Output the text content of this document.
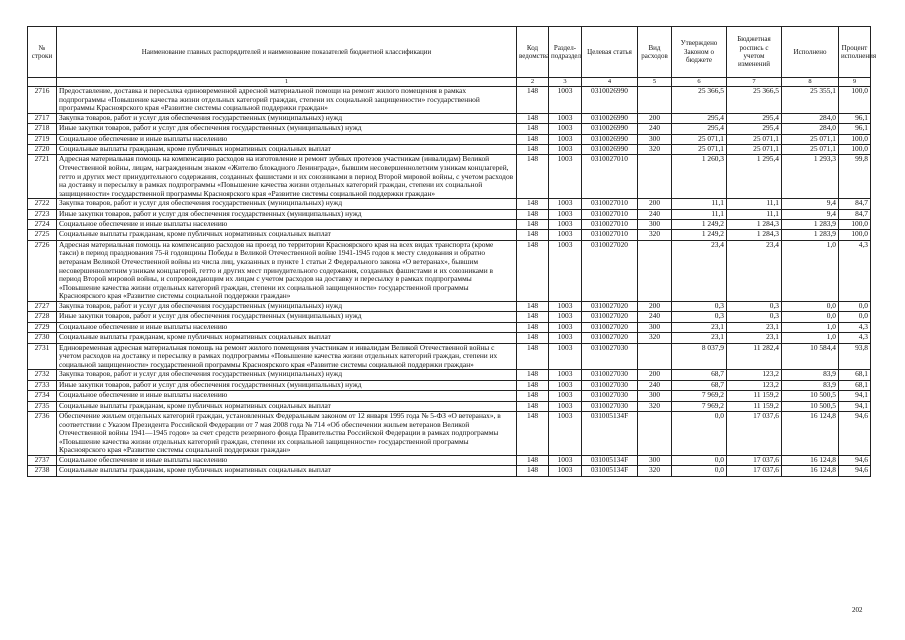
№ строки	Наименование главных распорядителей и наименование показателей бюджетной классификации	Код ведомства	Раздел-подраздел	Целевая статья	Вид расходов	Утверждено Законом о бюджете	Бюджетная роспись с учетом изменений	Исполнено	Процент исполнения
	1	2	3	4	5	6	7	8	9
2716	Предоставление, доставка и пересылка единовременной адресной материальной помощи на ремонт жилого помещения в рамках подпрограммы «Повышение качества жизни отдельных категорий граждан, степени их социальной защищенности» государственной программы Красноярского края «Развитие системы социальной поддержки граждан»	148	1003	0310026990		25 366,5	25 366,5	25 355,1	100,0
2717	Закупка товаров, работ и услуг для обеспечения государственных (муниципальных) нужд	148	1003	0310026990	200	295,4	295,4	284,0	96,1
2718	Иные закупки товаров, работ и услуг для обеспечения государственных (муниципальных) нужд	148	1003	0310026990	240	295,4	295,4	284,0	96,1
2719	Социальное обеспечение и иные выплаты населению	148	1003	0310026990	300	25 071,1	25 071,1	25 071,1	100,0
2720	Социальные выплаты гражданам, кроме публичных нормативных социальных выплат	148	1003	0310026990	320	25 071,1	25 071,1	25 071,1	100,0
2721	Адресная материальная помощь на компенсацию расходов на изготовление и ремонт зубных протезов участникам (инвалидам) Великой Отечественной войны, лицам, награжденным знаком «Жителю блокадного Ленинграда», бывшим несовершеннолетним узникам концлагерей, гетто и других мест принудительного содержания, созданных фашистами и их союзниками в период Второй мировой войны, с учетом расходов на доставку и пересылку в рамках подпрограммы «Повышение качества жизни отдельных категорий граждан, степени их социальной защищенности» государственной программы Красноярского края «Развитие системы социальной поддержки граждан»	148	1003	0310027010		1 260,3	1 295,4	1 293,3	99,8
2722	Закупка товаров, работ и услуг для обеспечения государственных (муниципальных) нужд	148	1003	0310027010	200	11,1	11,1	9,4	84,7
2723	Иные закупки товаров, работ и услуг для обеспечения государственных (муниципальных) нужд	148	1003	0310027010	240	11,1	11,1	9,4	84,7
2724	Социальное обеспечение и иные выплаты населению	148	1003	0310027010	300	1 249,2	1 284,3	1 283,9	100,0
2725	Социальные выплаты гражданам, кроме публичных нормативных социальных выплат	148	1003	0310027010	320	1 249,2	1 284,3	1 283,9	100,0
2726	Адресная материальная помощь на компенсацию расходов на проезд по территории Красноярского края на всех видах транспорта (кроме такси) в период празднования 75-й годовщины Победы в Великой Отечественной войне 1941-1945 годов к месту следования и обратно ветеранам Великой Отечественной войны из числа лиц, указанных в пункте 1 статьи 2 Федерального закона «О ветеранах», бывшим несовершеннолетним узникам концлагерей, гетто и других мест принудительного содержания, созданных фашистами и их союзниками в период Второй мировой войны, и сопровождающим их лицам с учетом расходов на доставку и пересылку в рамках подпрограммы «Повышение качества жизни отдельных категорий граждан, степени их социальной защищенности» государственной программы Красноярского края «Развитие системы социальной поддержки граждан»	148	1003	0310027020		23,4	23,4	1,0	4,3
2727	Закупка товаров, работ и услуг для обеспечения государственных (муниципальных) нужд	148	1003	0310027020	200	0,3	0,3	0,0	0,0
2728	Иные закупки товаров, работ и услуг для обеспечения государственных (муниципальных) нужд	148	1003	0310027020	240	0,3	0,3	0,0	0,0
2729	Социальное обеспечение и иные выплаты населению	148	1003	0310027020	300	23,1	23,1	1,0	4,3
2730	Социальные выплаты гражданам, кроме публичных нормативных социальных выплат	148	1003	0310027020	320	23,1	23,1	1,0	4,3
2731	Единовременная адресная материальная помощь на ремонт жилого помещения участникам и инвалидам Великой Отечественной войны с учетом расходов на доставку и пересылку в рамках подпрограммы «Повышение качества жизни отдельных категорий граждан, степени их социальной защищенности» государственной программы Красноярского края «Развитие системы социальной поддержки граждан»	148	1003	0310027030		8 037,9	11 282,4	10 584,4	93,8
2732	Закупка товаров, работ и услуг для обеспечения государственных (муниципальных) нужд	148	1003	0310027030	200	68,7	123,2	83,9	68,1
2733	Иные закупки товаров, работ и услуг для обеспечения государственных (муниципальных) нужд	148	1003	0310027030	240	68,7	123,2	83,9	68,1
2734	Социальное обеспечение и иные выплаты населению	148	1003	0310027030	300	7 969,2	11 159,2	10 500,5	94,1
2735	Социальные выплаты гражданам, кроме публичных нормативных социальных выплат	148	1003	0310027030	320	7 969,2	11 159,2	10 500,5	94,1
2736	Обеспечение жильем отдельных категорий граждан, установленных Федеральным законом от 12 января 1995 года № 5-ФЗ «О ветеранах», в соответствии с Указом Президента Российской Федерации от 7 мая 2008 года № 714 «Об обеспечении жильем ветеранов Великой Отечественной войны 1941—1945 годов» за счет средств резервного фонда Правительства Российской Федерации в рамках подпрограммы «Повышение качества жизни отдельных категорий граждан, степени их социальной защищенности» государственной программы Красноярского края «Развитие системы социальной поддержки граждан»	148	1003	031005134F		0,0	17 037,6	16 124,8	94,6
2737	Социальное обеспечение и иные выплаты населению	148	1003	031005134F	300	0,0	17 037,6	16 124,8	94,6
2738	Социальные выплаты гражданам, кроме публичных нормативных социальных выплат	148	1003	031005134F	320	0,0	17 037,6	16 124,8	94,6
202
